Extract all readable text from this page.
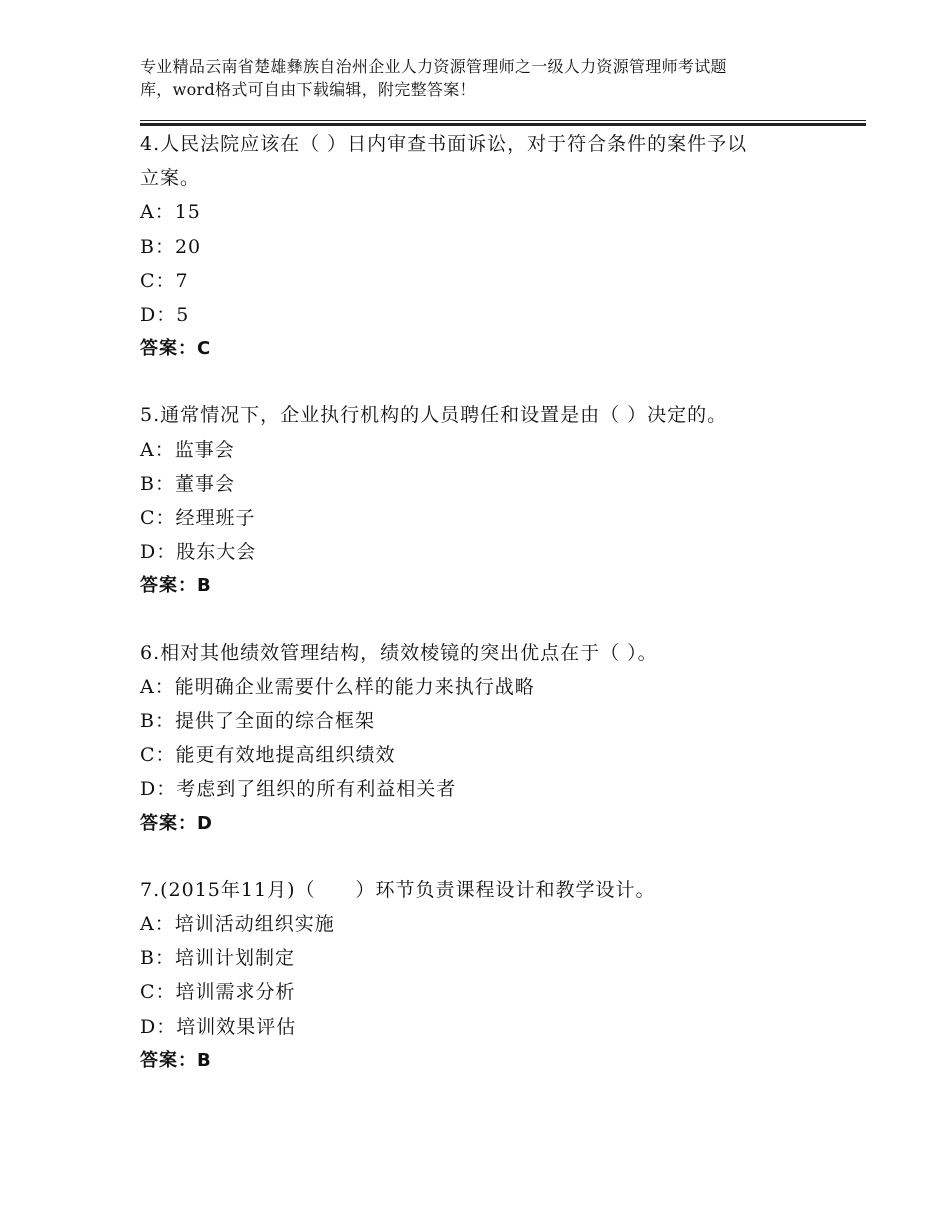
专业精品云南省楚雄彝族自治州企业人力资源管理师之一级人力资源管理师考试题
库，word格式可自由下载编辑，附完整答案！

4.人民法院应该在（ ）日内审查书面诉讼，对于符合条件的案件予以

立案。

A：15

B：20

C：7

D：5

答案：C

5.通常情况下，企业执行机构的人员聘任和设置是由（ ）决定的。

A：监事会

B：董事会

C：经理班子

D：股东大会

答案：B

6.相对其他绩效管理结构，绩效棱镜的突出优点在于（ ）。

A：能明确企业需要什么样的能力来执行战略

B：提供了全面的综合框架

C：能更有效地提高组织绩效

D：考虑到了组织的所有利益相关者

答案：D

7.(2015年11月)（　　）环节负责课程设计和教学设计。

A：培训活动组织实施

B：培训计划制定

C：培训需求分析

D：培训效果评估

答案：B
